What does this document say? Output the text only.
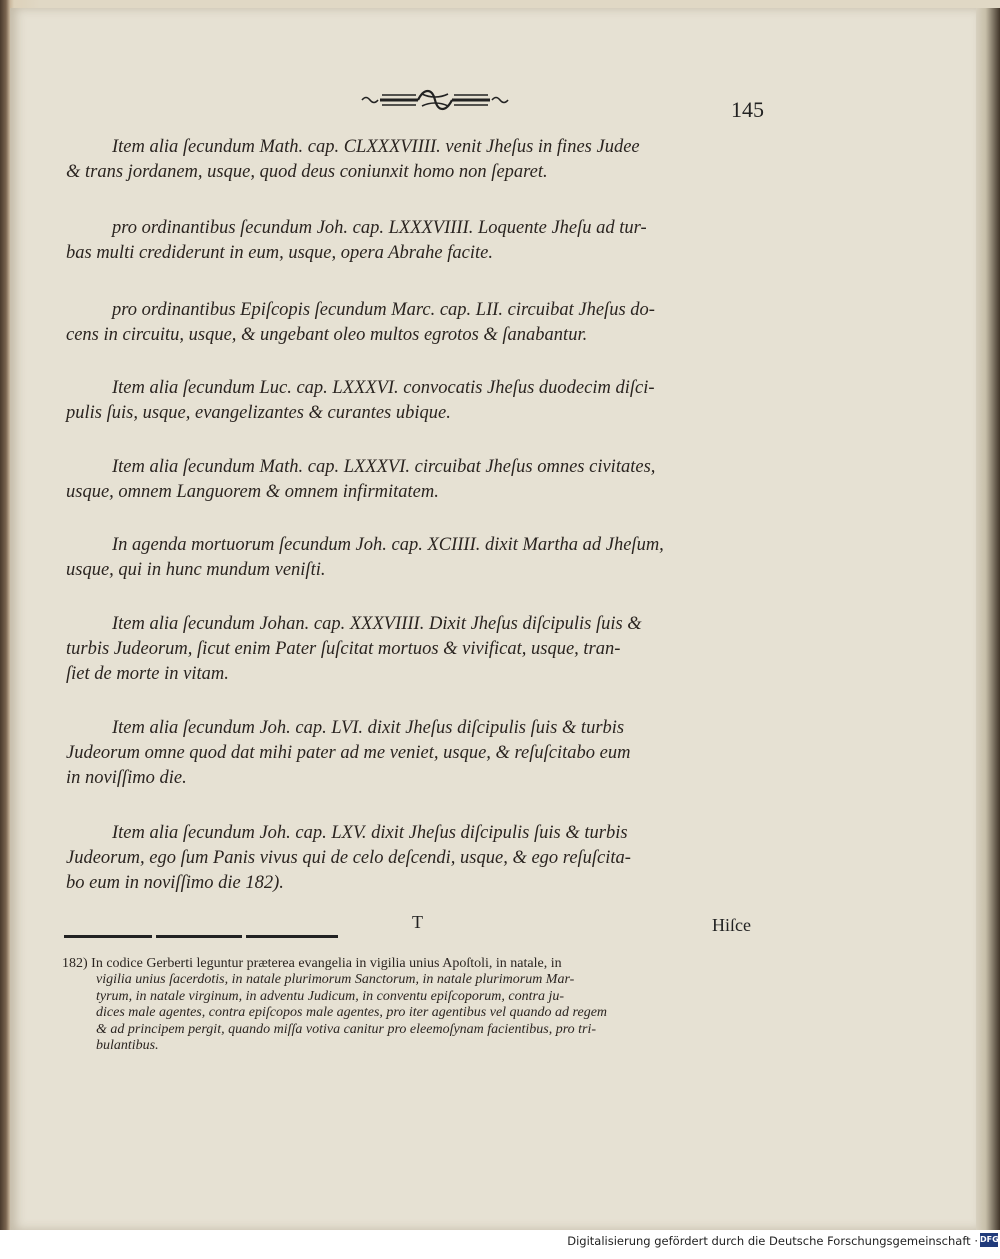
145

Item alia ſecundum Math. cap. CLXXXVIIII. venit Jheſus in fines Judee
& trans jordanem, usque, quod deus coniunxit homo non ſeparet.

pro ordinantibus ſecundum Joh. cap. LXXXVIIII. Loquente Jheſu ad tur-
bas multi crediderunt in eum, usque, opera Abrahe facite.

pro ordinantibus Epiſcopis ſecundum Marc. cap. LII. circuibat Jheſus do-
cens in circuitu, usque, & ungebant oleo multos egrotos & ſanabantur.

Item alia ſecundum Luc. cap. LXXXVI. convocatis Jheſus duodecim diſci-
pulis ſuis, usque, evangelizantes & curantes ubique.

Item alia ſecundum Math. cap. LXXXVI. circuibat Jheſus omnes civitates,
usque, omnem Languorem & omnem infirmitatem.

In agenda mortuorum ſecundum Joh. cap. XCIIII. dixit Martha ad Jheſum,
usque, qui in hunc mundum veniſti.

Item alia ſecundum Johan. cap. XXXVIIII. Dixit Jheſus diſcipulis ſuis &
turbis Judeorum, ſicut enim Pater ſuſcitat mortuos & vivificat, usque, tran-
ſiet de morte in vitam.

Item alia ſecundum Joh. cap. LVI. dixit Jheſus diſcipulis ſuis & turbis
Judeorum omne quod dat mihi pater ad me veniet, usque, & reſuſcitabo eum
in noviſſimo die.

Item alia ſecundum Joh. cap. LXV. dixit Jheſus diſcipulis ſuis & turbis
Judeorum, ego ſum Panis vivus qui de celo deſcendi, usque, & ego reſuſcita-
bo eum in noviſſimo die 182).

T	Hiſce
182) In codice Gerberti leguntur præterea evangelia in vigilia unius Apoſtoli, in natale, in
vigilia unius ſacerdotis, in natale plurimorum Sanctorum, in natale plurimorum Mar-
tyrum, in natale virginum, in adventu Judicum, in conventu epiſcoporum, contra ju-
dices male agentes, contra epiſcopos male agentes, pro iter agentibus vel quando ad regem
& ad principem pergit, quando miſſa votiva canitur pro eleemoſynam facientibus, pro tri-
bulantibus.
Digitalisierung gefördert durch die Deutsche Forschungsgemeinschaft · DFG
